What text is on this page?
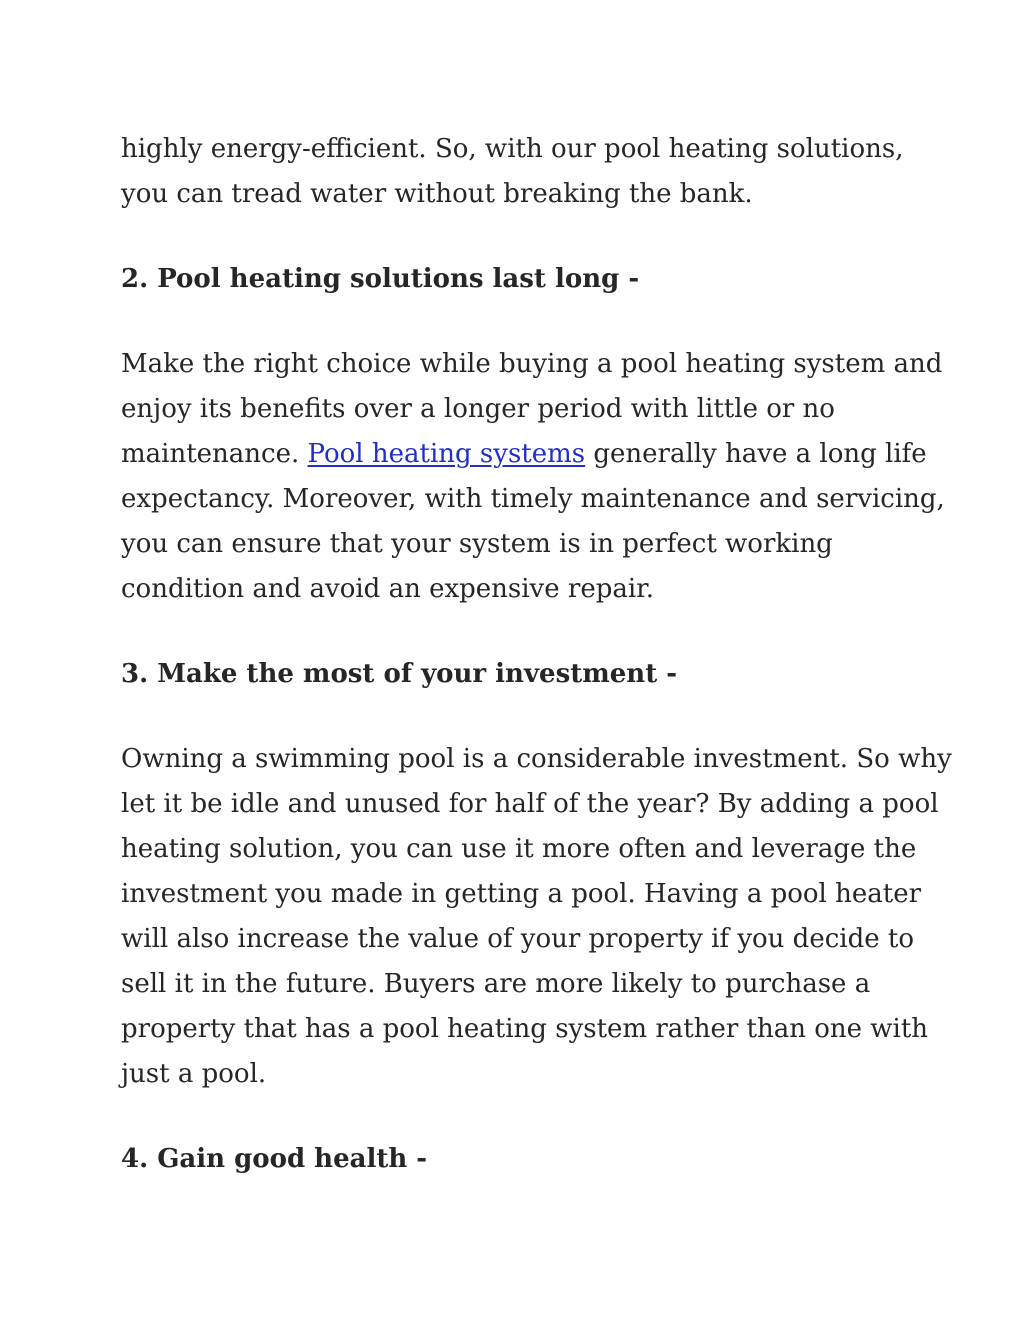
highly energy-efficient. So, with our pool heating solutions,
you can tread water without breaking the bank.
2. Pool heating solutions last long -
Make the right choice while buying a pool heating system and
enjoy its benefits over a longer period with little or no
maintenance. Pool heating systems generally have a long life
expectancy. Moreover, with timely maintenance and servicing,
you can ensure that your system is in perfect working
condition and avoid an expensive repair.
3. Make the most of your investment -
Owning a swimming pool is a considerable investment. So why
let it be idle and unused for half of the year? By adding a pool
heating solution, you can use it more often and leverage the
investment you made in getting a pool. Having a pool heater
will also increase the value of your property if you decide to
sell it in the future. Buyers are more likely to purchase a
property that has a pool heating system rather than one with
just a pool.
4. Gain good health -
